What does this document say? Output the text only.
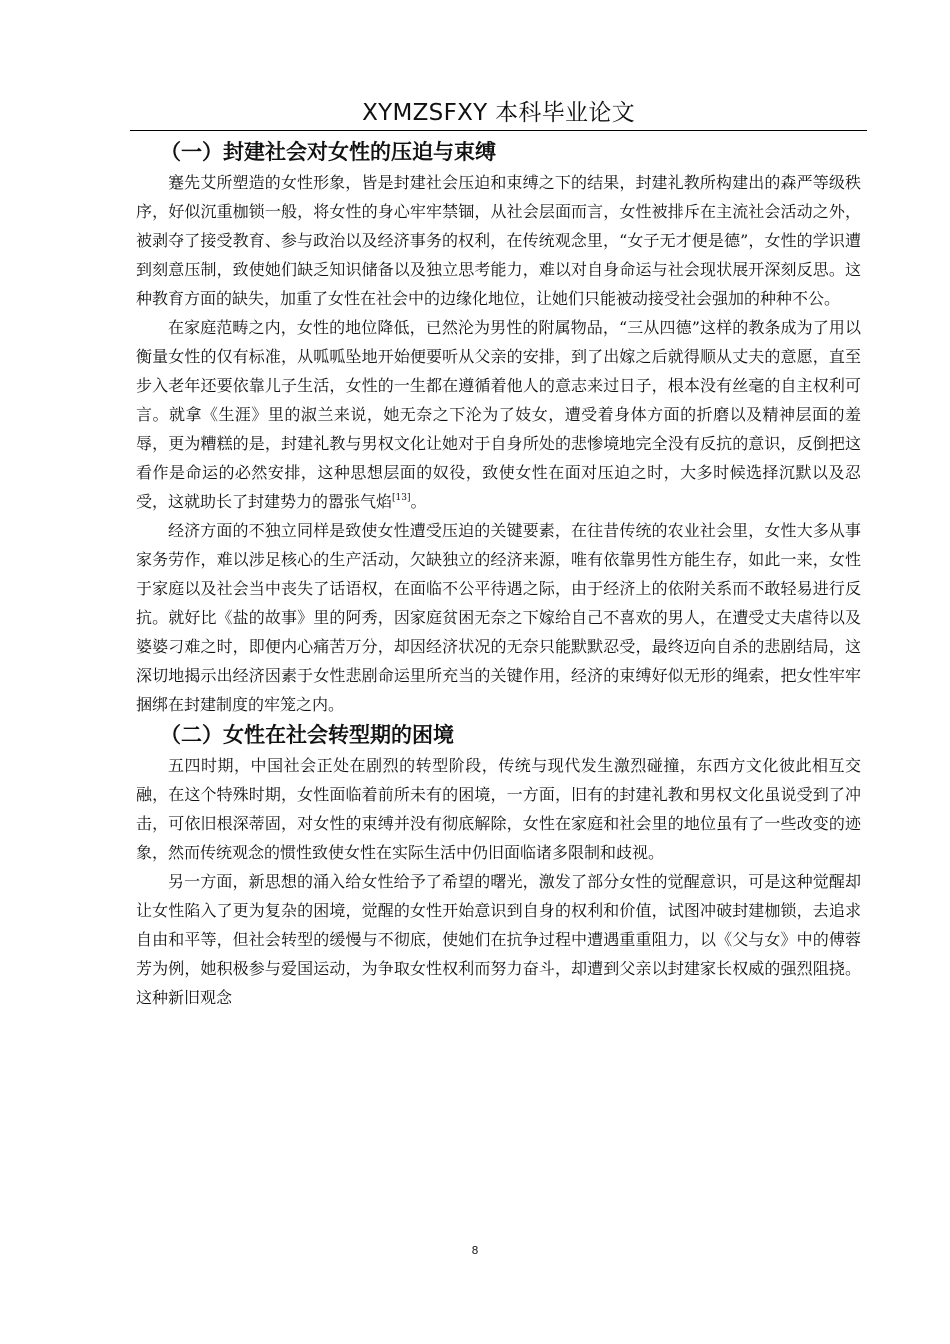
XYMZSFXY 本科毕业论文
（一）封建社会对女性的压迫与束缚

蹇先艾所塑造的女性形象，皆是封建社会压迫和束缚之下的结果，封建礼教所构建出的森严等级秩序，好似沉重枷锁一般，将女性的身心牢牢禁锢，从社会层面而言，女性被排斥在主流社会活动之外，被剥夺了接受教育、参与政治以及经济事务的权利，在传统观念里，“女子无才便是德”，女性的学识遭到刻意压制，致使她们缺乏知识储备以及独立思考能力，难以对自身命运与社会现状展开深刻反思。这种教育方面的缺失，加重了女性在社会中的边缘化地位，让她们只能被动接受社会强加的种种不公。

在家庭范畴之内，女性的地位降低，已然沦为男性的附属物品，“三从四德”这样的教条成为了用以衡量女性的仅有标准，从呱呱坠地开始便要听从父亲的安排，到了出嫁之后就得顺从丈夫的意愿，直至步入老年还要依靠儿子生活，女性的一生都在遵循着他人的意志来过日子，根本没有丝毫的自主权利可言。就拿《生涯》里的淑兰来说，她无奈之下沦为了妓女，遭受着身体方面的折磨以及精神层面的羞辱，更为糟糕的是，封建礼教与男权文化让她对于自身所处的悲惨境地完全没有反抗的意识，反倒把这看作是命运的必然安排，这种思想层面的奴役，致使女性在面对压迫之时，大多时候选择沉默以及忍受，这就助长了封建势力的嚣张气焰[13]。

经济方面的不独立同样是致使女性遭受压迫的关键要素，在往昔传统的农业社会里，女性大多从事家务劳作，难以涉足核心的生产活动，欠缺独立的经济来源，唯有依靠男性方能生存，如此一来，女性于家庭以及社会当中丧失了话语权，在面临不公平待遇之际，由于经济上的依附关系而不敢轻易进行反抗。就好比《盐的故事》里的阿秀，因家庭贫困无奈之下嫁给自己不喜欢的男人，在遭受丈夫虐待以及婆婆刁难之时，即便内心痛苦万分，却因经济状况的无奈只能默默忍受，最终迈向自杀的悲剧结局，这深切地揭示出经济因素于女性悲剧命运里所充当的关键作用，经济的束缚好似无形的绳索，把女性牢牢捆绑在封建制度的牢笼之内。

（二）女性在社会转型期的困境

五四时期，中国社会正处在剧烈的转型阶段，传统与现代发生激烈碰撞，东西方文化彼此相互交融，在这个特殊时期，女性面临着前所未有的困境，一方面，旧有的封建礼教和男权文化虽说受到了冲击，可依旧根深蒂固，对女性的束缚并没有彻底解除，女性在家庭和社会里的地位虽有了一些改变的迹象，然而传统观念的惯性致使女性在实际生活中仍旧面临诸多限制和歧视。

另一方面，新思想的涌入给女性给予了希望的曙光，激发了部分女性的觉醒意识，可是这种觉醒却让女性陷入了更为复杂的困境，觉醒的女性开始意识到自身的权利和价值，试图冲破封建枷锁，去追求自由和平等，但社会转型的缓慢与不彻底，使她们在抗争过程中遭遇重重阻力，以《父与女》中的傅蓉芳为例，她积极参与爱国运动，为争取女性权利而努力奋斗，却遭到父亲以封建家长权威的强烈阻挠。这种新旧观念

8
